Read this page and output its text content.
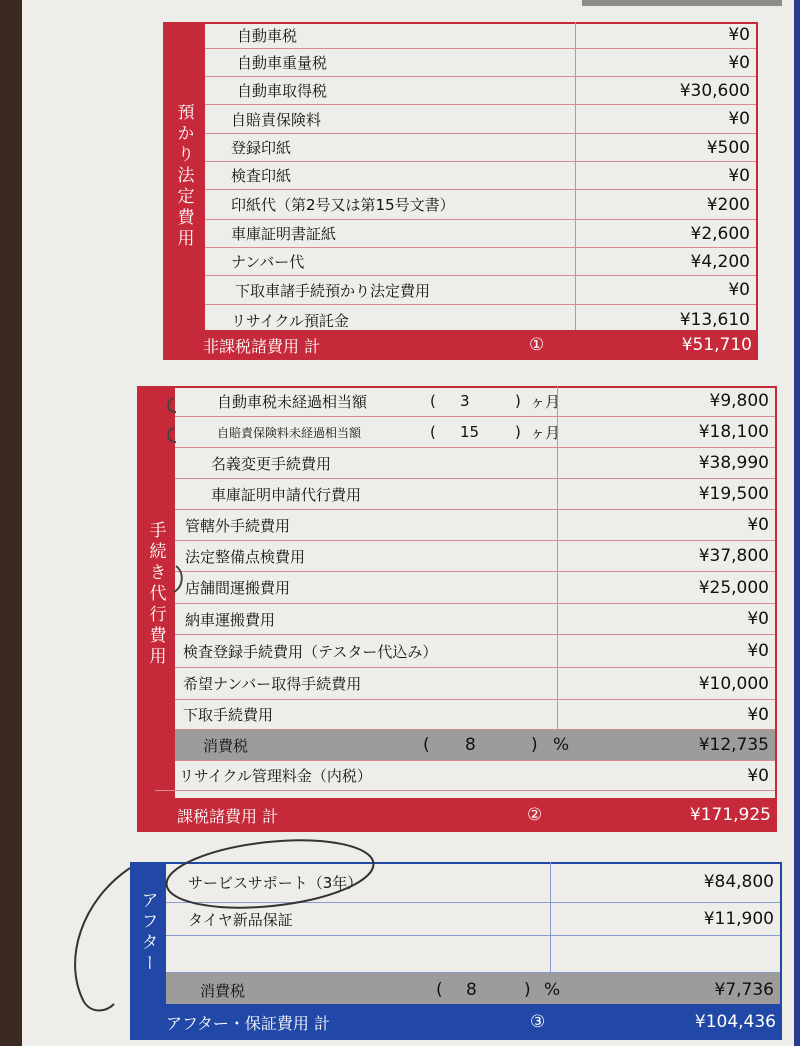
預かり法定費用
自動車税	¥0
自動車重量税	¥0
自動車取得税	¥30,600
自賠責保険料	¥0
登録印紙	¥500
検査印紙	¥0
印紙代（第2号又は第15号文書）	¥200
車庫証明書証紙	¥2,600
ナンバー代	¥4,200
下取車諸手続預かり法定費用	¥0
リサイクル預託金	¥13,610
非課税諸費用 計	①	¥51,710
手続き代行費用
自動車税未経過相当額	( 3	) ヶ月	¥9,800
自賠責保険料未経過相当額	( 15 ) ヶ月	¥18,100
名義変更手続費用	¥38,990
車庫証明申請代行費用	¥19,500
管轄外手続費用	¥0
法定整備点検費用	¥37,800
店舗間運搬費用	¥25,000
納車運搬費用	¥0
検査登録手続費用（テスター代込み）	¥0
希望ナンバー取得手続費用	¥10,000
下取手続費用	¥0
消費税	( 8	) %	¥12,735
リサイクル管理料金（内税）	¥0
課税諸費用 計	②	¥171,925
アフター
サービスサポート（3年）	¥84,800
タイヤ新品保証	¥11,900
消費税	( 8	) %	¥7,736
アフター・保証費用 計	③	¥104,436
